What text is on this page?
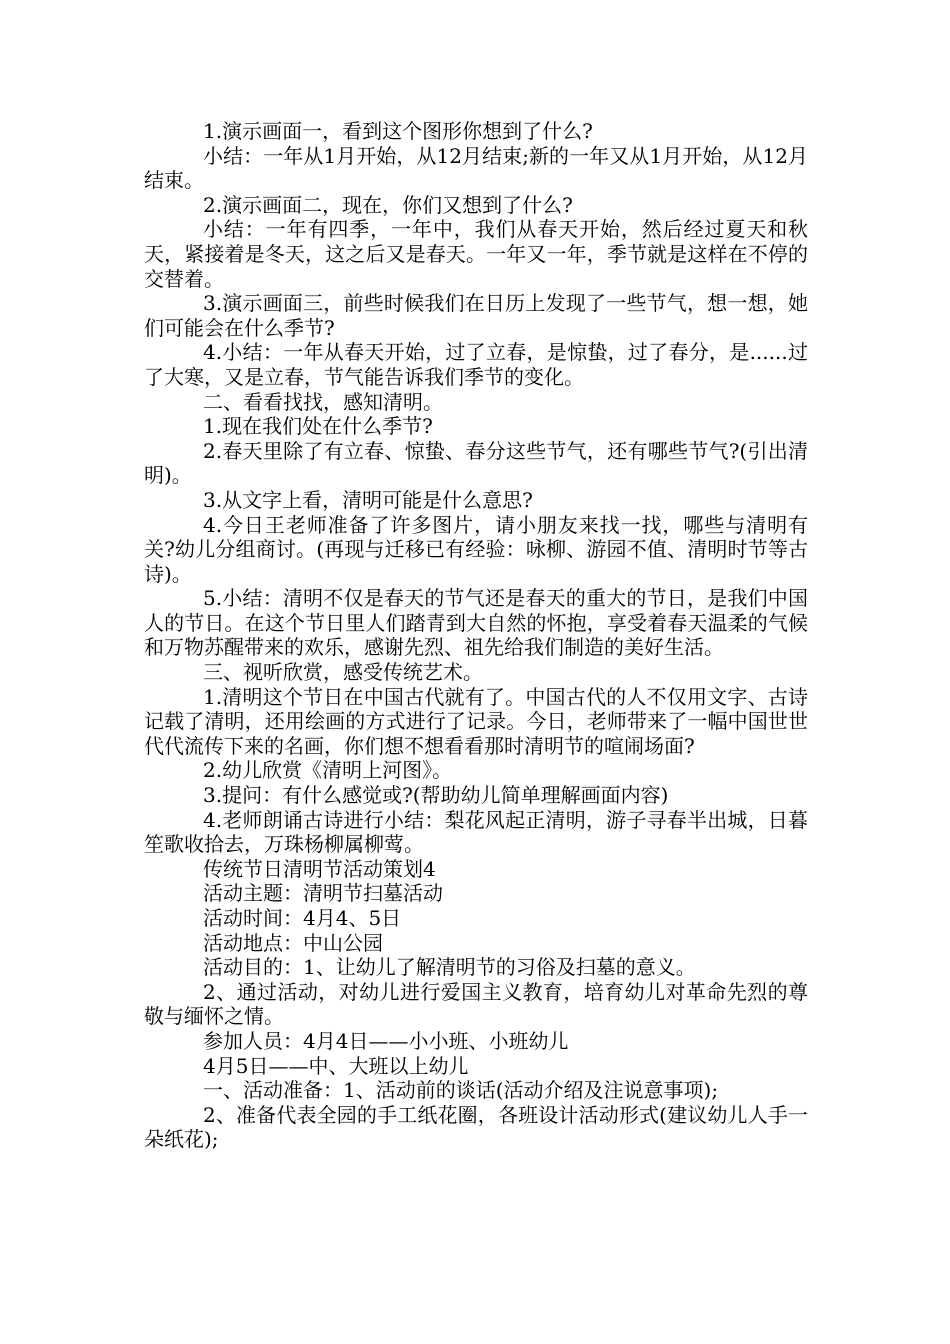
1.演示画面一，看到这个图形你想到了什么?

小结：一年从1月开始，从12月结束;新的一年又从1月开始，从12月结束。

2.演示画面二，现在，你们又想到了什么?

小结：一年有四季，一年中，我们从春天开始，然后经过夏天和秋天，紧接着是冬天，这之后又是春天。一年又一年，季节就是这样在不停的交替着。

3.演示画面三，前些时候我们在日历上发现了一些节气，想一想，她们可能会在什么季节?

4.小结：一年从春天开始，过了立春，是惊蛰，过了春分，是......过了大寒，又是立春，节气能告诉我们季节的变化。

二、看看找找，感知清明。

1.现在我们处在什么季节?

2.春天里除了有立春、惊蛰、春分这些节气，还有哪些节气?(引出清明)。

3.从文字上看，清明可能是什么意思?

4.今日王老师准备了许多图片，请小朋友来找一找，哪些与清明有关?幼儿分组商讨。(再现与迁移已有经验：咏柳、游园不值、清明时节等古诗)。

5.小结：清明不仅是春天的节气还是春天的重大的节日，是我们中国人的节日。在这个节日里人们踏青到大自然的怀抱，享受着春天温柔的气候和万物苏醒带来的欢乐，感谢先烈、祖先给我们制造的美好生活。

三、视听欣赏，感受传统艺术。

1.清明这个节日在中国古代就有了。中国古代的人不仅用文字、古诗记载了清明，还用绘画的方式进行了记录。今日，老师带来了一幅中国世世代代流传下来的名画，你们想不想看看那时清明节的喧闹场面?

2.幼儿欣赏《清明上河图》。

3.提问：有什么感觉或?(帮助幼儿简单理解画面内容)

4.老师朗诵古诗进行小结：梨花风起正清明，游子寻春半出城，日暮笙歌收拾去，万珠杨柳属柳莺。

传统节日清明节活动策划4

活动主题：清明节扫墓活动

活动时间：4月4、5日

活动地点：中山公园

活动目的：1、让幼儿了解清明节的习俗及扫墓的意义。

2、通过活动，对幼儿进行爱国主义教育，培育幼儿对革命先烈的尊敬与缅怀之情。

参加人员：4月4日——小小班、小班幼儿

4月5日——中、大班以上幼儿

一、活动准备：1、活动前的谈话(活动介绍及注说意事项);

2、准备代表全园的手工纸花圈，各班设计活动形式(建议幼儿人手一朵纸花);
